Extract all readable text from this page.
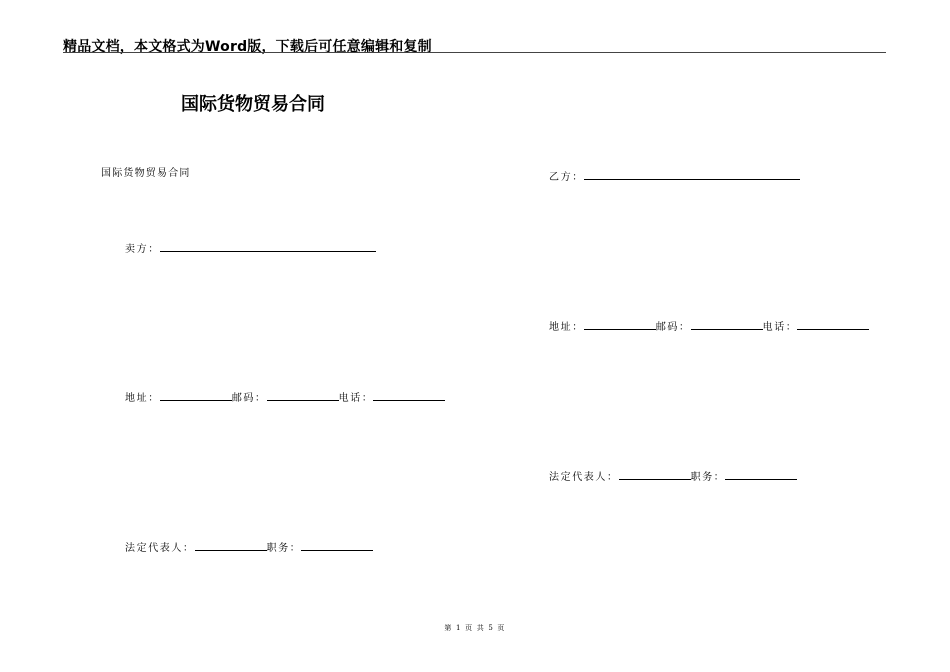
精品文档，本文格式为Word版，下载后可任意编辑和复制
国际货物贸易合同
国际货物贸易合同
卖方：
地址：	邮码：	电话：
法定代表人：	职务：
乙方：
地址：	邮码：	电话：
法定代表人：	职务：
第 1 页 共 5 页
